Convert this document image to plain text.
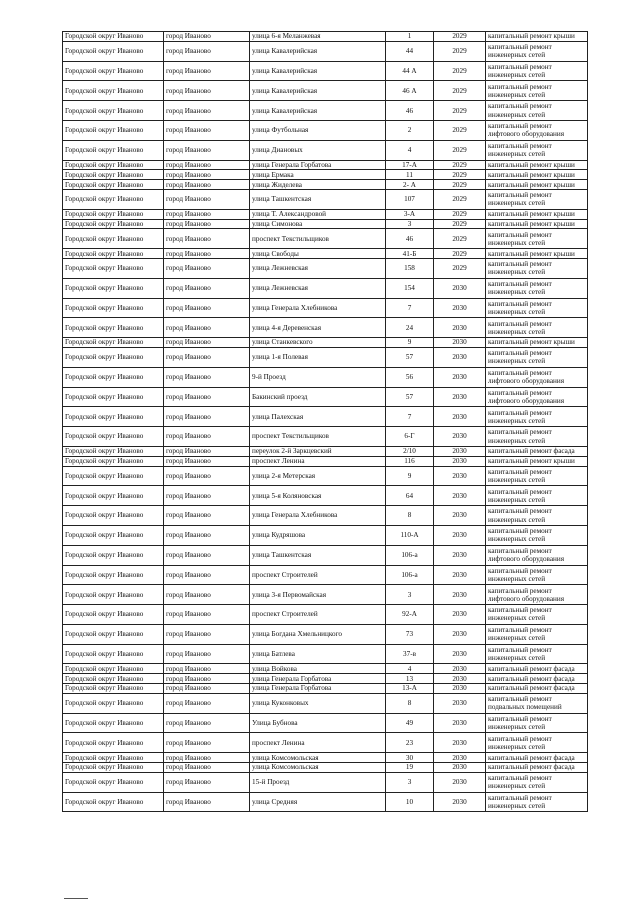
Городской округ Иваново	город Иваново	улица 6-я Меланжевая	1	2029	капитальный ремонт крыши
Городской округ Иваново	город Иваново	улица Кавалерийская	44	2029	капитальный ремонт инженерных сетей
Городской округ Иваново	город Иваново	улица Кавалерийская	44 А	2029	капитальный ремонт инженерных сетей
Городской округ Иваново	город Иваново	улица Кавалерийская	46 А	2029	капитальный ремонт инженерных сетей
Городской округ Иваново	город Иваново	улица Кавалерийская	46	2029	капитальный ремонт инженерных сетей
Городской округ Иваново	город Иваново	улица Футбольная	2	2029	капитальный ремонт лифтового оборудования
Городской округ Иваново	город Иваново	улица Диановых	4	2029	капитальный ремонт инженерных сетей
Городской округ Иваново	город Иваново	улица Генерала Горбатова	17-А	2029	капитальный ремонт крыши
Городской округ Иваново	город Иваново	улица Ермака	11	2029	капитальный ремонт крыши
Городской округ Иваново	город Иваново	улица Жиделева	2- А	2029	капитальный ремонт крыши
Городской округ Иваново	город Иваново	улица Ташкентская	107	2029	капитальный ремонт инженерных сетей
Городской округ Иваново	город Иваново	улица Т. Александровой	3-А	2029	капитальный ремонт крыши
Городской округ Иваново	город Иваново	улица Симонова	3	2029	капитальный ремонт крыши
Городской округ Иваново	город Иваново	проспект Текстильщиков	46	2029	капитальный ремонт инженерных сетей
Городской округ Иваново	город Иваново	улица Свободы	41-Б	2029	капитальный ремонт крыши
Городской округ Иваново	город Иваново	улица Лежневская	158	2029	капитальный ремонт инженерных сетей
Городской округ Иваново	город Иваново	улица Лежневская	154	2030	капитальный ремонт инженерных сетей
Городской округ Иваново	город Иваново	улица Генерала Хлебникова	7	2030	капитальный ремонт инженерных сетей
Городской округ Иваново	город Иваново	улица 4-я Деревенская	24	2030	капитальный ремонт инженерных сетей
Городской округ Иваново	город Иваново	улица Станкевского	9	2030	капитальный ремонт крыши
Городской округ Иваново	город Иваново	улица 1-я Полевая	57	2030	капитальный ремонт инженерных сетей
Городской округ Иваново	город Иваново	9-й Проезд	56	2030	капитальный ремонт лифтового оборудования
Городской округ Иваново	город Иваново	Бакинский проезд	57	2030	капитальный ремонт лифтового оборудования
Городской округ Иваново	город Иваново	улица Палехская	7	2030	капитальный ремонт инженерных сетей
Городской округ Иваново	город Иваново	проспект Текстильщиков	6-Г	2030	капитальный ремонт инженерных сетей
Городской округ Иваново	город Иваново	переулок 2-й Заркцевский	2/10	2030	капитальный ремонт фасада
Городской округ Иваново	город Иваново	проспект Ленина	116	2030	капитальный ремонт крыши
Городской округ Иваново	город Иваново	улица 2-я Метерская	9	2030	капитальный ремонт инженерных сетей
Городской округ Иваново	город Иваново	улица 5-я Коляновская	64	2030	капитальный ремонт инженерных сетей
Городской округ Иваново	город Иваново	улица Генерала Хлебникова	8	2030	капитальный ремонт инженерных сетей
Городской округ Иваново	город Иваново	улица Кудряшова	110-А	2030	капитальный ремонт инженерных сетей
Городской округ Иваново	город Иваново	улица Ташкентская	106-а	2030	капитальный ремонт лифтового оборудования
Городской округ Иваново	город Иваново	проспект Строителей	106-а	2030	капитальный ремонт инженерных сетей
Городской округ Иваново	город Иваново	улица 3-я Первомайская	3	2030	капитальный ремонт лифтового оборудования
Городской округ Иваново	город Иваново	проспект Строителей	92-А	2030	капитальный ремонт инженерных сетей
Городской округ Иваново	город Иваново	улица Богдана Хмельницкого	73	2030	капитальный ремонт инженерных сетей
Городской округ Иваново	город Иваново	улица Батлева	37-в	2030	капитальный ремонт инженерных сетей
Городской округ Иваново	город Иваново	улица Войкова	4	2030	капитальный ремонт фасада
Городской округ Иваново	город Иваново	улица Генерала Горбатова	13	2030	капитальный ремонт фасада
Городской округ Иваново	город Иваново	улица Генерала Горбатова	13-А	2030	капитальный ремонт фасада
Городской округ Иваново	город Иваново	улица Куконковых	8	2030	капитальный ремонт подвальных помещений
Городской округ Иваново	город Иваново	Улица Бубнова	49	2030	капитальный ремонт инженерных сетей
Городской округ Иваново	город Иваново	проспект Ленина	23	2030	капитальный ремонт инженерных сетей
Городской округ Иваново	город Иваново	улица Комсомольская	30	2030	капитальный ремонт фасада
Городской округ Иваново	город Иваново	улица Комсомольская	19	2030	капитальный ремонт фасада
Городской округ Иваново	город Иваново	15-й Проезд	3	2030	капитальный ремонт инженерных сетей
Городской округ Иваново	город Иваново	улица Средняя	10	2030	капитальный ремонт инженерных сетей
